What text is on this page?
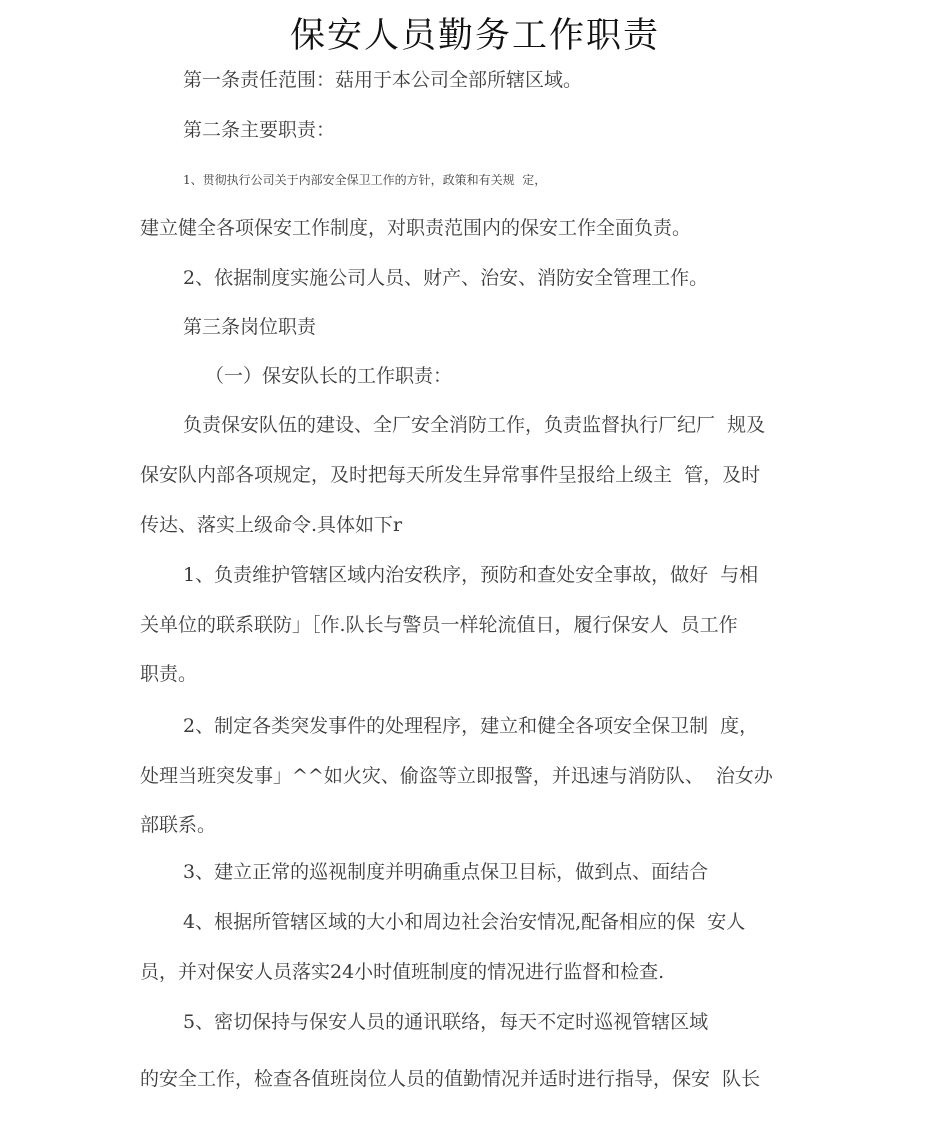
保安人员勤务工作职责
第一条责任范围：菇用于本公司全部所辖区域。
第二条主要职责：
1、贯彻执行公司关于内部安全保卫工作的方针，政策和有关规  定，
建立健全各项保安工作制度，对职责范围内的保安工作全面负责。
2、依据制度实施公司人员、财产、治安、消防安全管理工作。
第三条岗位职责
（一）保安队长的工作职责：
负责保安队伍的建设、全厂安全消防工作，负责监督执行厂纪厂  规及
保安队内部各项规定，及时把每天所发生异常事件呈报给上级主  管，及时
传达、落实上级命令.具体如下r
1、负责维护管辖区域内治安秩序，预防和查处安全事故，做好  与相
关单位的联系联防」［作.队长与警员一样轮流值日，履行保安人  员工作
职责。
2、制定各类突发事件的处理程序，建立和健全各项安全保卫制  度，
处理当班突发事」^^如火灾、偷盗等立即报警，并迅速与消防队、  治女办
部联系。
3、建立正常的巡视制度并明确重点保卫目标，做到点、面结合
4、根据所管辖区域的大小和周边社会治安情况,配备相应的保  安人
员，并对保安人员落实24小时值班制度的情况进行监督和检查.
5、密切保持与保安人员的通讯联络，每天不定时巡视管辖区域
的安全工作，检查各值班岗位人员的值勤情况并适时进行指导，保安  队长
